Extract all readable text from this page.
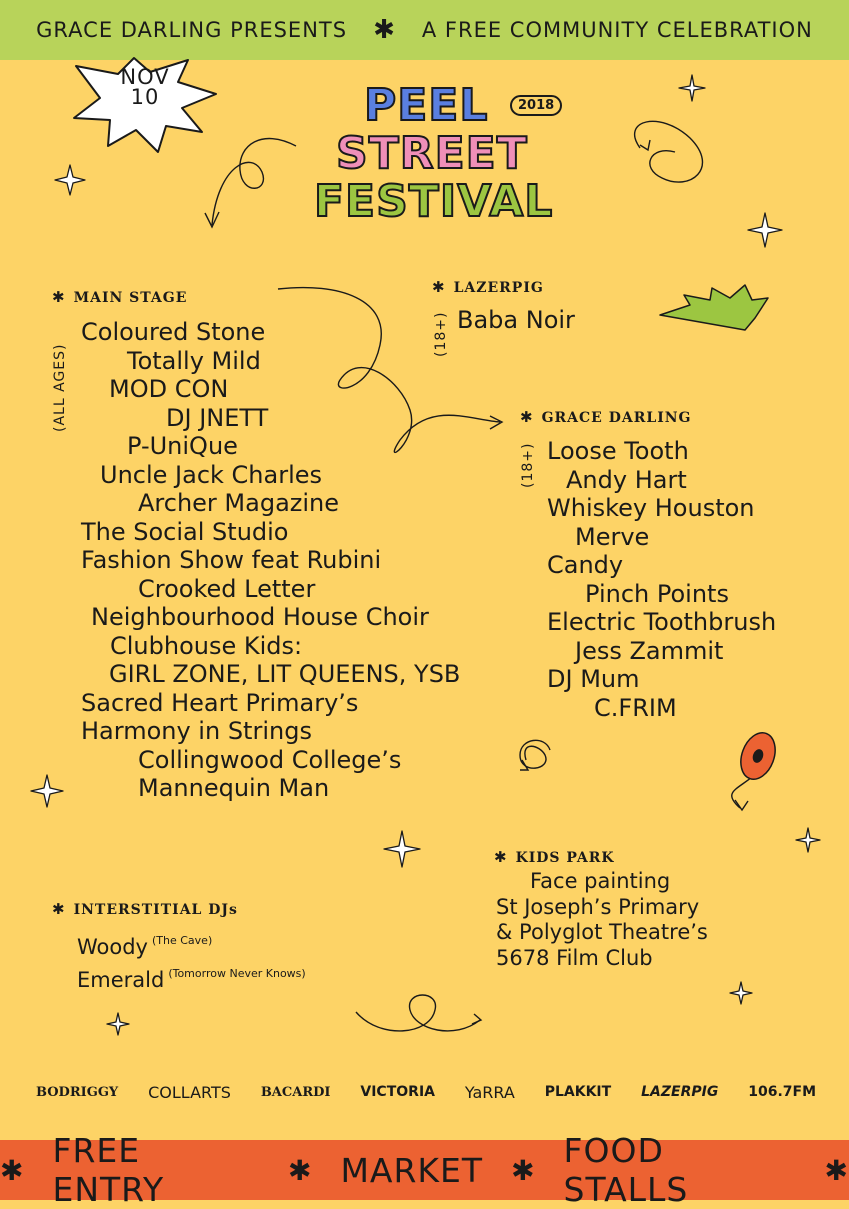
GRACE DARLING PRESENTS ✱ A FREE COMMUNITY CELEBRATION
NOV
10	PEEL
STREET
FESTIVAL
2018
✱ MAIN STAGE
(ALL AGES)
Coloured Stone
Totally Mild
MOD CON
DJ JNETT
P-UniQue
Uncle Jack Charles
Archer Magazine
The Social Studio
Fashion Show feat Rubini
Crooked Letter
Neighbourhood House Choir
Clubhouse Kids:
GIRL ZONE, LIT QUEENS, YSB
Sacred Heart Primary’s
Harmony in Strings
Collingwood College’s
Mannequin Man
✱ LAZERPIG
(18+) Baba Noir
✱ GRACE DARLING
(18+) Loose Tooth
Andy Hart
Whiskey Houston
Merve
Candy
Pinch Points
Electric Toothbrush
Jess Zammit
DJ Mum
C.FRIM
✱ KIDS PARK
Face painting
St Joseph’s Primary
& Polyglot Theatre’s
5678 Film Club
✱ INTERSTITIAL DJs
Woody $^{(The Cave)}$
Emerald $^{(Tomorrow Never Knows)}$
BODRIGGY COLLARTS BACARDI VICTORIA YaRRA PLAKKIT LAZERPIG 106.7FM
✱ FREE ENTRY	✱ MARKET ✱ FOOD STALLS	✱
